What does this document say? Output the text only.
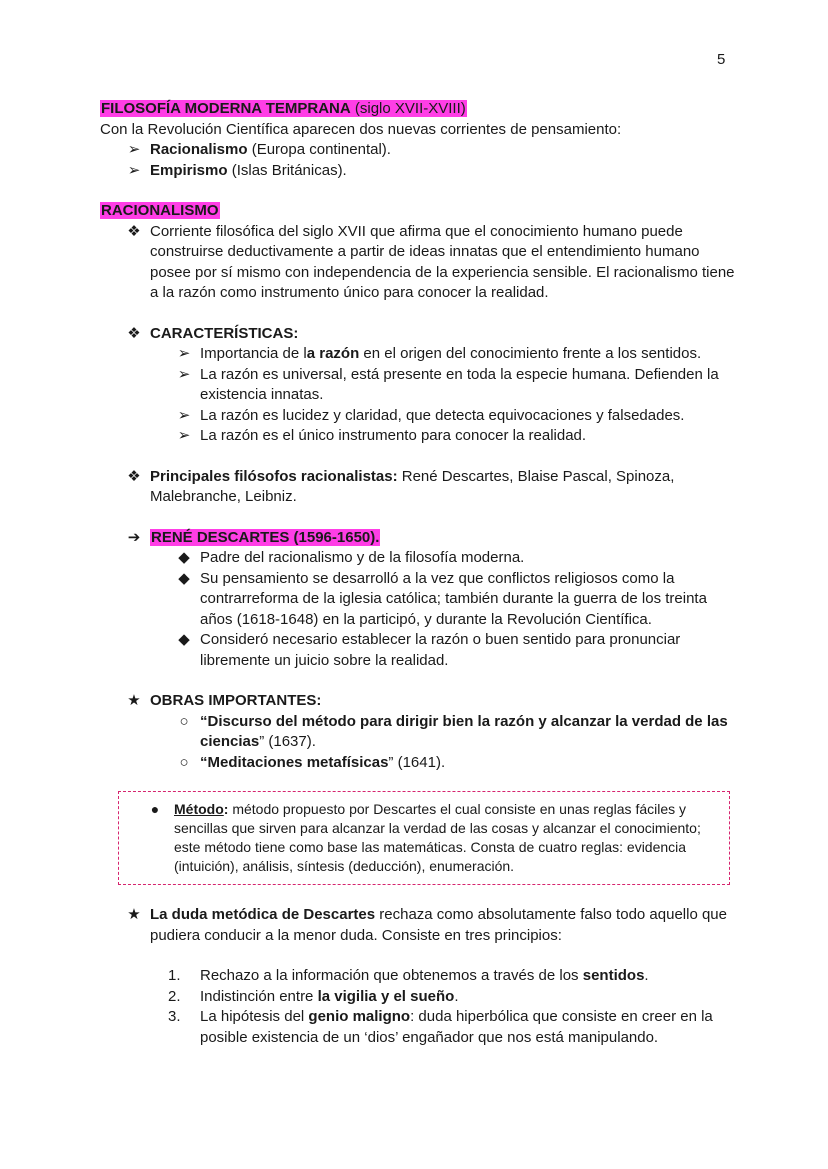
5
FILOSOFÍA MODERNA TEMPRANA (siglo XVII-XVIII)
Con la Revolución Científica aparecen dos nuevas corrientes de pensamiento:
➢ Racionalismo (Europa continental).
➢ Empirismo (Islas Británicas).
RACIONALISMO
❖ Corriente filosófica del siglo XVII que afirma que el conocimiento humano puede construirse deductivamente a partir de ideas innatas que el entendimiento humano posee por sí mismo con independencia de la experiencia sensible. El racionalismo tiene a la razón como instrumento único para conocer la realidad.
❖ CARACTERÍSTICAS:
➢ Importancia de la razón en el origen del conocimiento frente a los sentidos.
➢ La razón es universal, está presente en toda la especie humana. Defienden la existencia innatas.
➢ La razón es lucidez y claridad, que detecta equivocaciones y falsedades.
➢ La razón es el único instrumento para conocer la realidad.
❖ Principales filósofos racionalistas: René Descartes, Blaise Pascal, Spinoza, Malebranche, Leibniz.
➔ RENÉ DESCARTES (1596-1650).
◆ Padre del racionalismo y de la filosofía moderna.
◆ Su pensamiento se desarrolló a la vez que conflictos religiosos como la contrarreforma de la iglesia católica; también durante la guerra de los treinta años (1618-1648) en la participó, y durante la Revolución Científica.
◆ Consideró necesario establecer la razón o buen sentido para pronunciar libremente un juicio sobre la realidad.
★ OBRAS IMPORTANTES:
○ “Discurso del método para dirigir bien la razón y alcanzar la verdad de las ciencias” (1637).
○ “Meditaciones metafísicas” (1641).
●	Método: método propuesto por Descartes el cual consiste en unas reglas fáciles y sencillas que sirven para alcanzar la verdad de las cosas y alcanzar el conocimiento; este método tiene como base las matemáticas. Consta de cuatro reglas: evidencia (intuición), análisis, síntesis (deducción), enumeración.
★ La duda metódica de Descartes rechaza como absolutamente falso todo aquello que pudiera conducir a la menor duda. Consiste en tres principios:
1.	Rechazo a la información que obtenemos a través de los sentidos.
2.	Indistinción entre la vigilia y el sueño.
3.	La hipótesis del genio maligno: duda hiperbólica que consiste en creer en la posible existencia de un ‘dios’ engañador que nos está manipulando.
